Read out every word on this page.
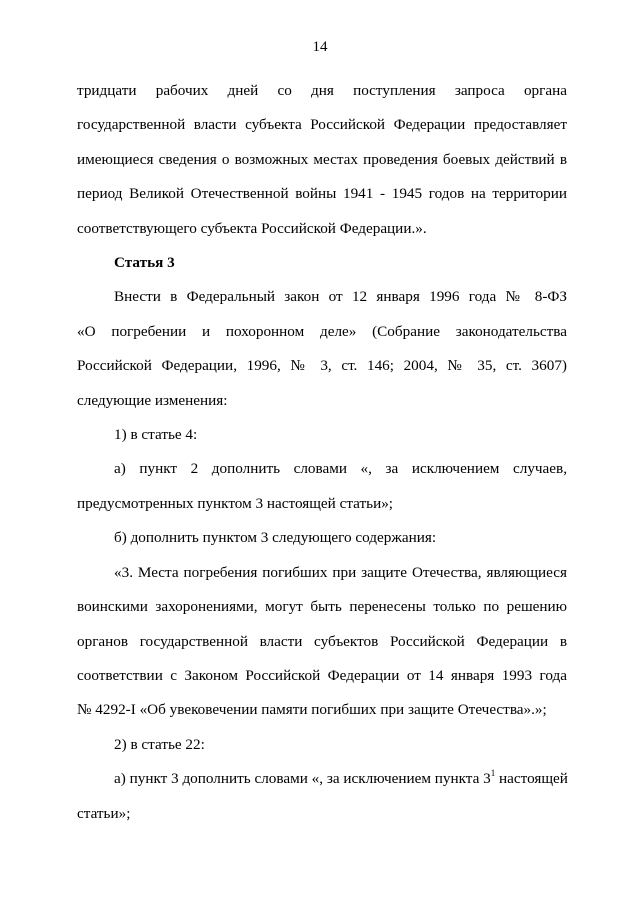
14
тридцати рабочих дней со дня поступления запроса органа
государственной власти субъекта Российской Федерации предоставляет
имеющиеся сведения о возможных местах проведения боевых действий в
период Великой Отечественной войны 1941 - 1945 годов на территории
соответствующего субъекта Российской Федерации.».
Статья 3
Внести в Федеральный закон от 12 января 1996 года № 8-ФЗ
«О погребении и похоронном деле» (Собрание законодательства
Российской Федерации, 1996, № 3, ст. 146; 2004, № 35, ст. 3607)
следующие изменения:
1) в статье 4:
а) пункт 2 дополнить словами «, за исключением случаев,
предусмотренных пунктом 3 настоящей статьи»;
б) дополнить пунктом 3 следующего содержания:
«3. Места погребения погибших при защите Отечества, являющиеся
воинскими захоронениями, могут быть перенесены только по решению
органов государственной власти субъектов Российской Федерации в
соответствии с Законом Российской Федерации от 14 января 1993 года
№ 4292-I «Об увековечении памяти погибших при защите Отечества».»;
2) в статье 22:
а) пункт 3 дополнить словами «, за исключением пункта $3^1$ настоящей
статьи»;
